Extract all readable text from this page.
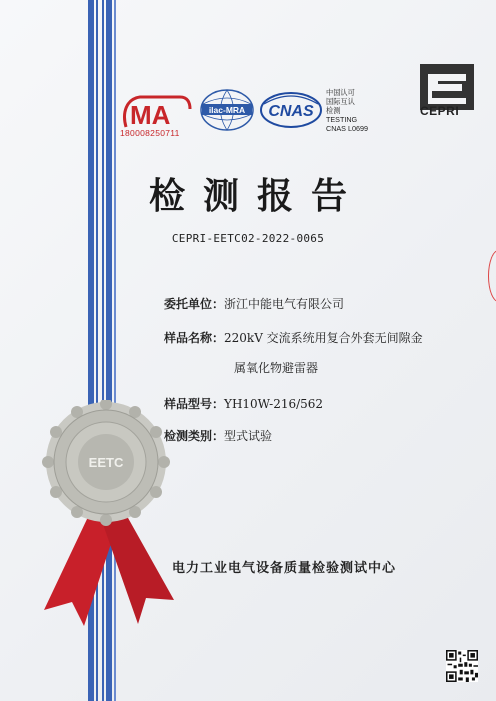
MA
180008250711
ilac-MRA CNAS
中国认可
国际互认
检测
TESTING
CNAS L0699
CEPRI
检测报告
CEPRI-EETC02-2022-0065
委托单位：浙江中能电气有限公司
样品名称：220kV 交流系统用复合外套无间隙金
属氧化物避雷器
样品型号：YH10W-216/562
检测类别：型式试验
EETC
电力工业电气设备质量检验测试中心
